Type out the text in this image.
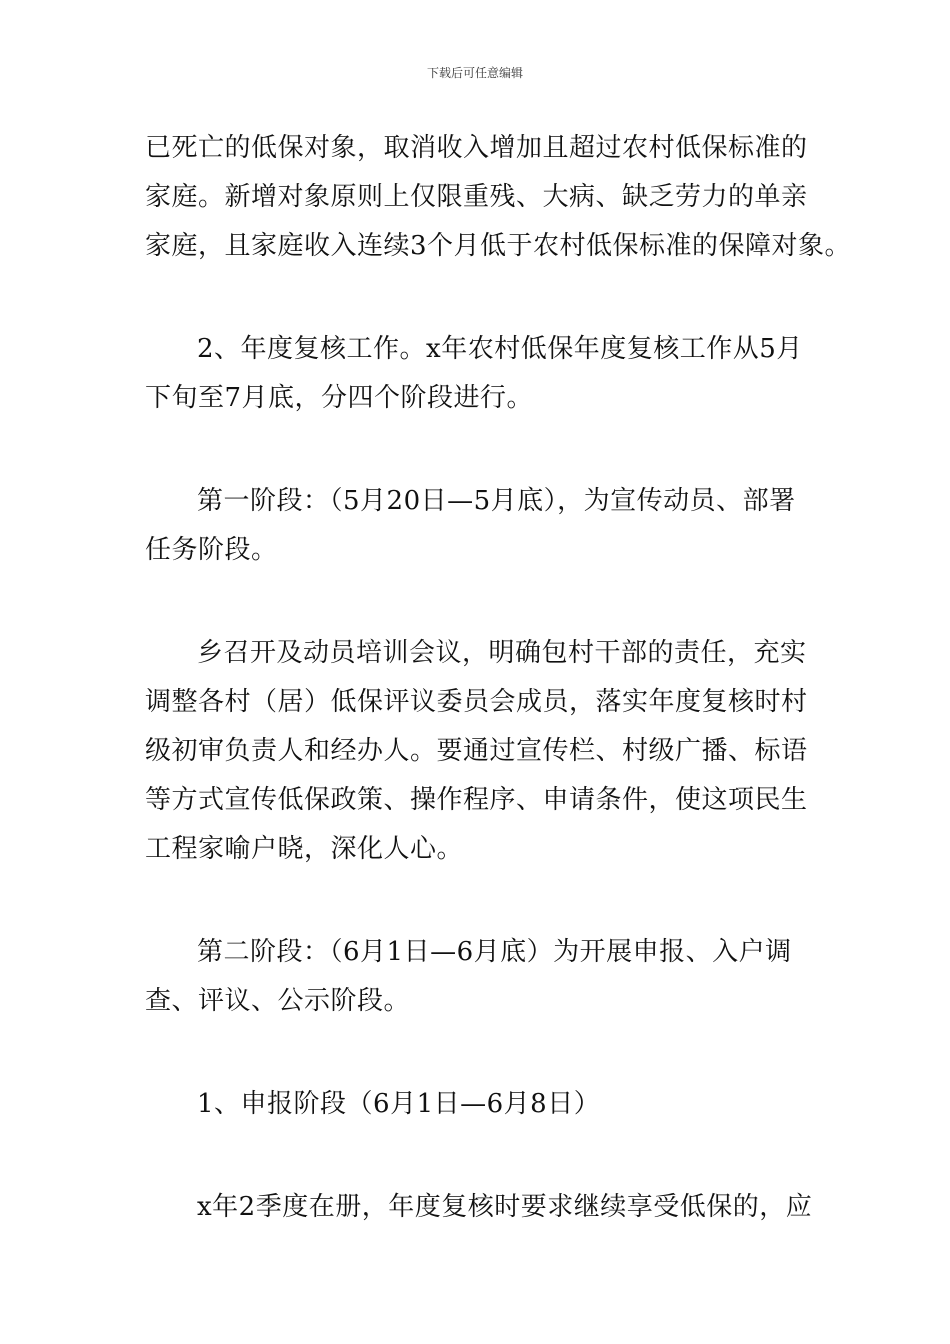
下载后可任意编辑
已死亡的低保对象，取消收入增加且超过农村低保标准的
家庭。新增对象原则上仅限重残、大病、缺乏劳力的单亲
家庭，且家庭收入连续3个月低于农村低保标准的保障对象。
2、年度复核工作。x年农村低保年度复核工作从5月
下旬至7月底，分四个阶段进行。
第一阶段：（5月20日—5月底），为宣传动员、部署
任务阶段。
乡召开及动员培训会议，明确包村干部的责任，充实
调整各村（居）低保评议委员会成员，落实年度复核时村
级初审负责人和经办人。要通过宣传栏、村级广播、标语
等方式宣传低保政策、操作程序、申请条件，使这项民生
工程家喻户晓，深化人心。
第二阶段：（6月1日—6月底）为开展申报、入户调
查、评议、公示阶段。
1、申报阶段（6月1日—6月8日）
x年2季度在册，年度复核时要求继续享受低保的，应
